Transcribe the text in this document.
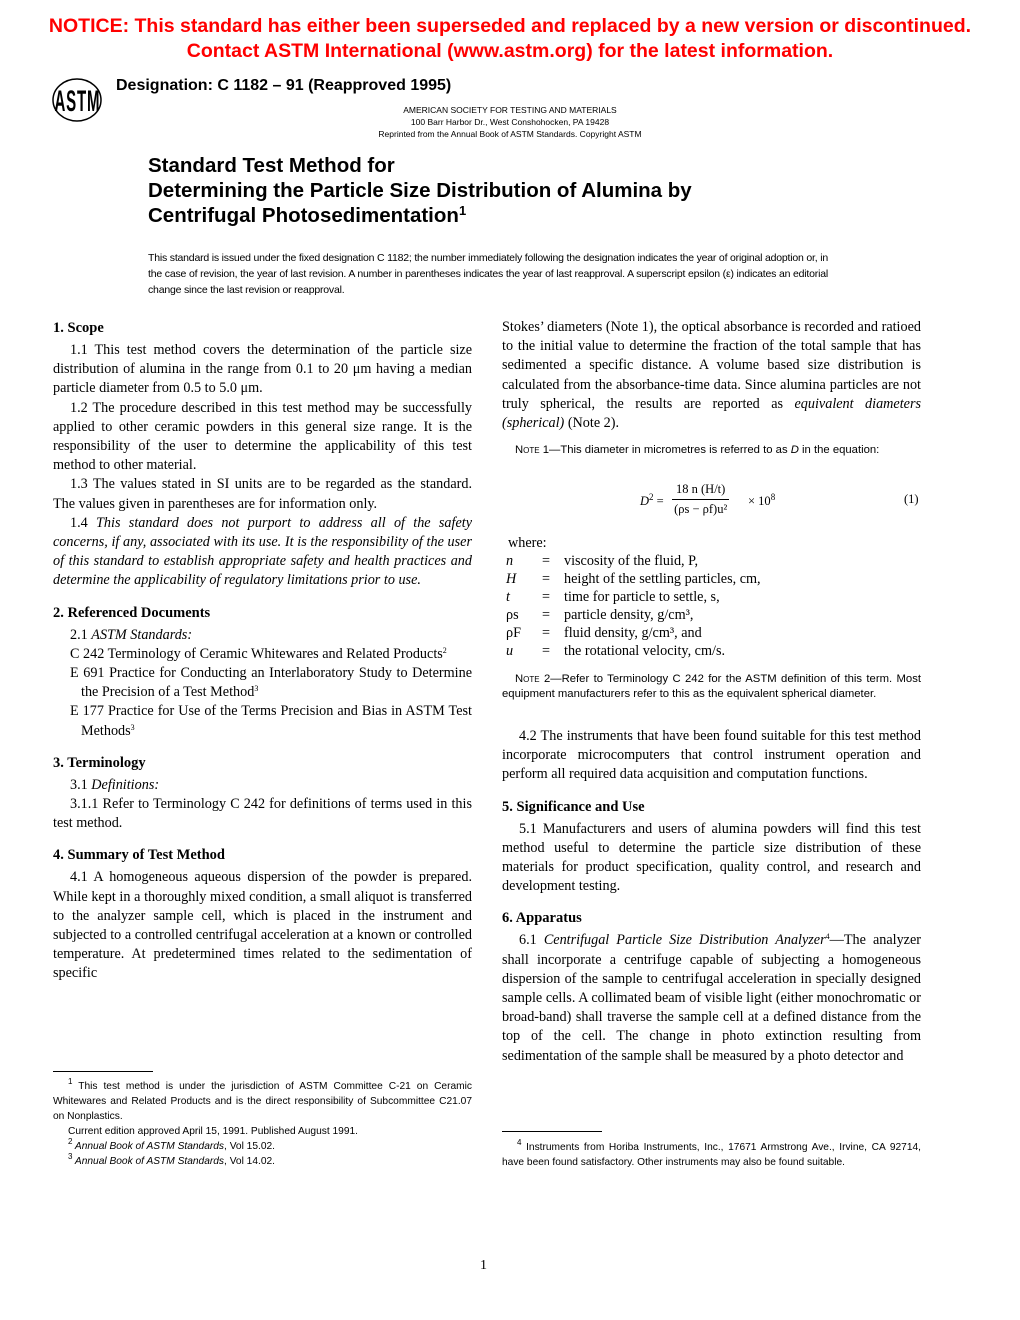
NOTICE: This standard has either been superseded and replaced by a new version or discontinued.
Contact ASTM International (www.astm.org) for the latest information.
ASTM
Designation: C 1182 – 91 (Reapproved 1995)
AMERICAN SOCIETY FOR TESTING AND MATERIALS
100 Barr Harbor Dr., West Conshohocken, PA 19428
Reprinted from the Annual Book of ASTM Standards. Copyright ASTM
Standard Test Method for
Determining the Particle Size Distribution of Alumina by
Centrifugal Photosedimentation$^1$
This standard is issued under the fixed designation C 1182; the number immediately following the designation indicates the year of original adoption or, in the case of revision, the year of last revision. A number in parentheses indicates the year of last reapproval. A superscript epsilon (ε) indicates an editorial change since the last revision or reapproval.
1. Scope

1.1 This test method covers the determination of the particle size distribution of alumina in the range from 0.1 to 20 μm having a median particle diameter from 0.5 to 5.0 μm.

1.2 The procedure described in this test method may be successfully applied to other ceramic powders in this general size range. It is the responsibility of the user to determine the applicability of this test method to other material.

1.3 The values stated in SI units are to be regarded as the standard. The values given in parentheses are for information only.

1.4 This standard does not purport to address all of the safety concerns, if any, associated with its use. It is the responsibility of the user of this standard to establish appropriate safety and health practices and determine the applicability of regulatory limitations prior to use.

2. Referenced Documents

2.1 ASTM Standards:

C 242 Terminology of Ceramic Whitewares and Related Products$^2$

E 691 Practice for Conducting an Interlaboratory Study to Determine the Precision of a Test Method$^3$

E 177 Practice for Use of the Terms Precision and Bias in ASTM Test Methods$^3$

3. Terminology

3.1 Definitions:

3.1.1 Refer to Terminology C 242 for definitions of terms used in this test method.

4. Summary of Test Method

4.1 A homogeneous aqueous dispersion of the powder is prepared. While kept in a thoroughly mixed condition, a small aliquot is transferred to the analyzer sample cell, which is placed in the instrument and subjected to a controlled centrifugal acceleration at a known or controlled temperature. At predetermined times related to the sedimentation of specific

$^1$ This test method is under the jurisdiction of ASTM Committee C-21 on Ceramic Whitewares and Related Products and is the direct responsibility of Subcommittee C21.07 on Nonplastics.

Current edition approved April 15, 1991. Published August 1991.

$^2$ Annual Book of ASTM Standards, Vol 15.02.

$^3$ Annual Book of ASTM Standards, Vol 14.02.

Stokes’ diameters (Note 1), the optical absorbance is recorded and ratioed to the initial value to determine the fraction of the total sample that has sedimented a specific distance. A volume based size distribution is calculated from the absorbance-time data. Since alumina particles are not truly spherical, the results are reported as equivalent diameters (spherical) (Note 2).

Note 1—This diameter in micrometres is referred to as D in the equation:

$D^2 = \frac{18 n (H/t)}{\text{(ρs − ρf)u²}} \times 10^8$	(1)
where:
n	=	viscosity of the fluid, P,
H	=	height of the settling particles, cm,
t	=	time for particle to settle, s,
ρs	=	particle density, g/cm³,
ρF	=	fluid density, g/cm³, and
u	=	the rotational velocity, cm/s.

Note 2—Refer to Terminology C 242 for the ASTM definition of this term. Most equipment manufacturers refer to this as the equivalent spherical diameter.

4.2 The instruments that have been found suitable for this test method incorporate microcomputers that control instrument operation and perform all required data acquisition and computation functions.

5. Significance and Use

5.1 Manufacturers and users of alumina powders will find this test method useful to determine the particle size distribution of these materials for product specification, quality control, and research and development testing.

6. Apparatus

6.1 Centrifugal Particle Size Distribution Analyzer$^4$—The analyzer shall incorporate a centrifuge capable of subjecting a homogeneous dispersion of the sample to centrifugal acceleration in specially designed sample cells. A collimated beam of visible light (either monochromatic or broad-band) shall traverse the sample cell at a defined distance from the top of the cell. The change in photo extinction resulting from sedimentation of the sample shall be measured by a photo detector and

$^4$ Instruments from Horiba Instruments, Inc., 17671 Armstrong Ave., Irvine, CA 92714, have been found satisfactory. Other instruments may also be found suitable.

1
